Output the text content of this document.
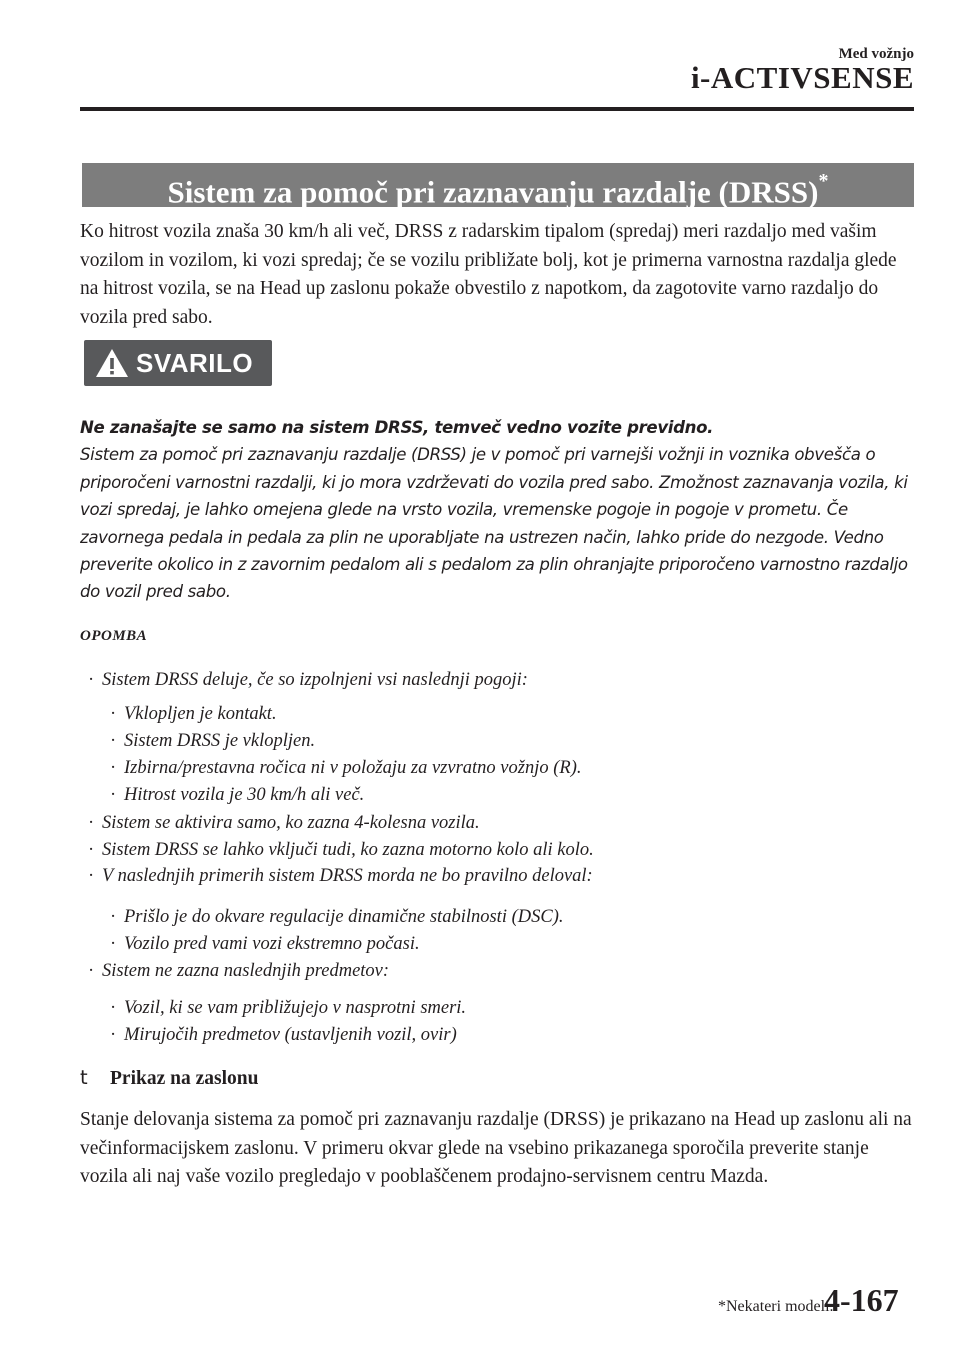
Med vožnjo
i-ACTIVSENSE
Sistem za pomoč pri zaznavanju razdalje (DRSS)*

Ko hitrost vozila znaša 30 km/h ali več, DRSS z radarskim tipalom (spredaj) meri razdaljo med vašim vozilom in vozilom, ki vozi spredaj; če se vozilu približate bolj, kot je primerna varnostna razdalja glede na hitrost vozila, se na Head up zaslonu pokaže obvestilo z napotkom, da zagotovite varno razdaljo do vozila pred sabo.

SVARILO

Ne zanašajte se samo na sistem DRSS, temveč vedno vozite previdno.
Sistem za pomoč pri zaznavanju razdalje (DRSS) je v pomoč pri varnejši vožnji in voznika obvešča o priporočeni varnostni razdalji, ki jo mora vzdrževati do vozila pred sabo. Zmožnost zaznavanja vozila, ki vozi spredaj, je lahko omejena glede na vrsto vozila, vremenske pogoje in pogoje v prometu. Če zavornega pedala in pedala za plin ne uporabljate na ustrezen način, lahko pride do nezgode. Vedno preverite okolico in z zavornim pedalom ali s pedalom za plin ohranjajte priporočeno varnostno razdaljo do vozil pred sabo.

OPOMBA
· Sistem DRSS deluje, če so izpolnjeni vsi naslednji pogoji:
· Vklopljen je kontakt.
· Sistem DRSS je vklopljen.
· Izbirna/prestavna ročica ni v položaju za vzvratno vožnjo (R).
· Hitrost vozila je 30 km/h ali več.
· Sistem se aktivira samo, ko zazna 4-kolesna vozila.
· Sistem DRSS se lahko vključi tudi, ko zazna motorno kolo ali kolo.
· V naslednjih primerih sistem DRSS morda ne bo pravilno deloval:
· Prišlo je do okvare regulacije dinamične stabilnosti (DSC).
· Vozilo pred vami vozi ekstremno počasi.
· Sistem ne zazna naslednjih predmetov:
· Vozil, ki se vam približujejo v nasprotni smeri.
· Mirujočih predmetov (ustavljenih vozil, ovir)
t Prikaz na zaslonu

Stanje delovanja sistema za pomoč pri zaznavanju razdalje (DRSS) je prikazano na Head up zaslonu ali na večinformacijskem zaslonu. V primeru okvar glede na vsebino prikazanega sporočila preverite stanje vozila ali naj vaše vozilo pregledajo v pooblaščenem prodajno-servisnem centru Mazda.

*Nekateri modeli.
4-167
